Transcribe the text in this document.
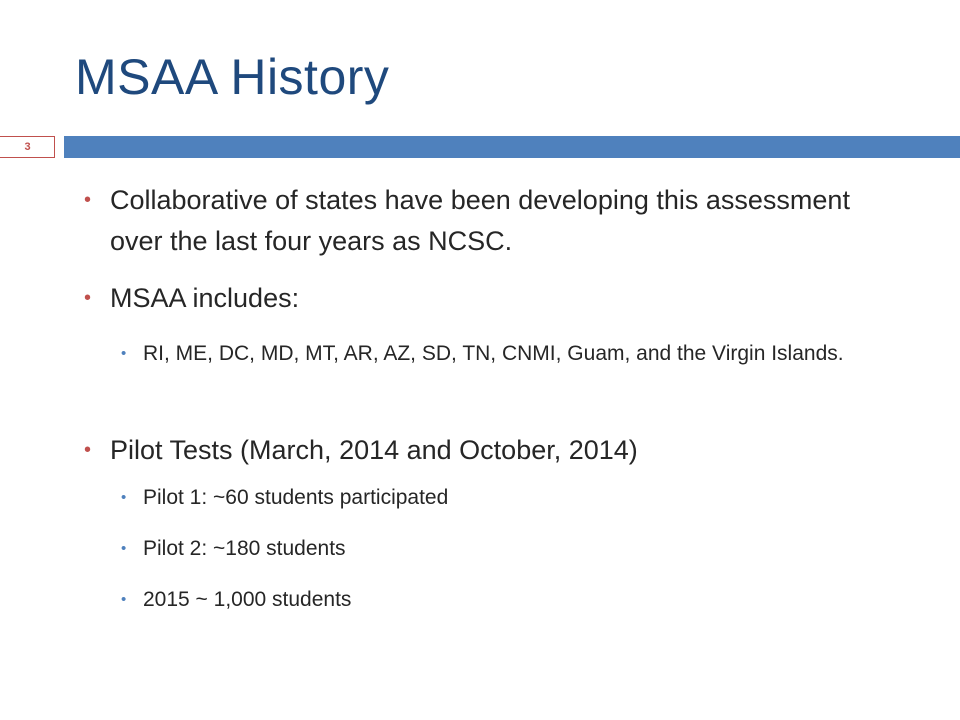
MSAA History
3
• Collaborative of states have been developing this assessment over the last four years as NCSC.
• MSAA includes:
• RI, ME, DC, MD, MT, AR, AZ, SD, TN, CNMI, Guam, and the Virgin Islands.
• Pilot Tests (March, 2014 and October, 2014)
• Pilot 1: ~60 students participated
• Pilot 2: ~180 students
• 2015 ~ 1,000 students
